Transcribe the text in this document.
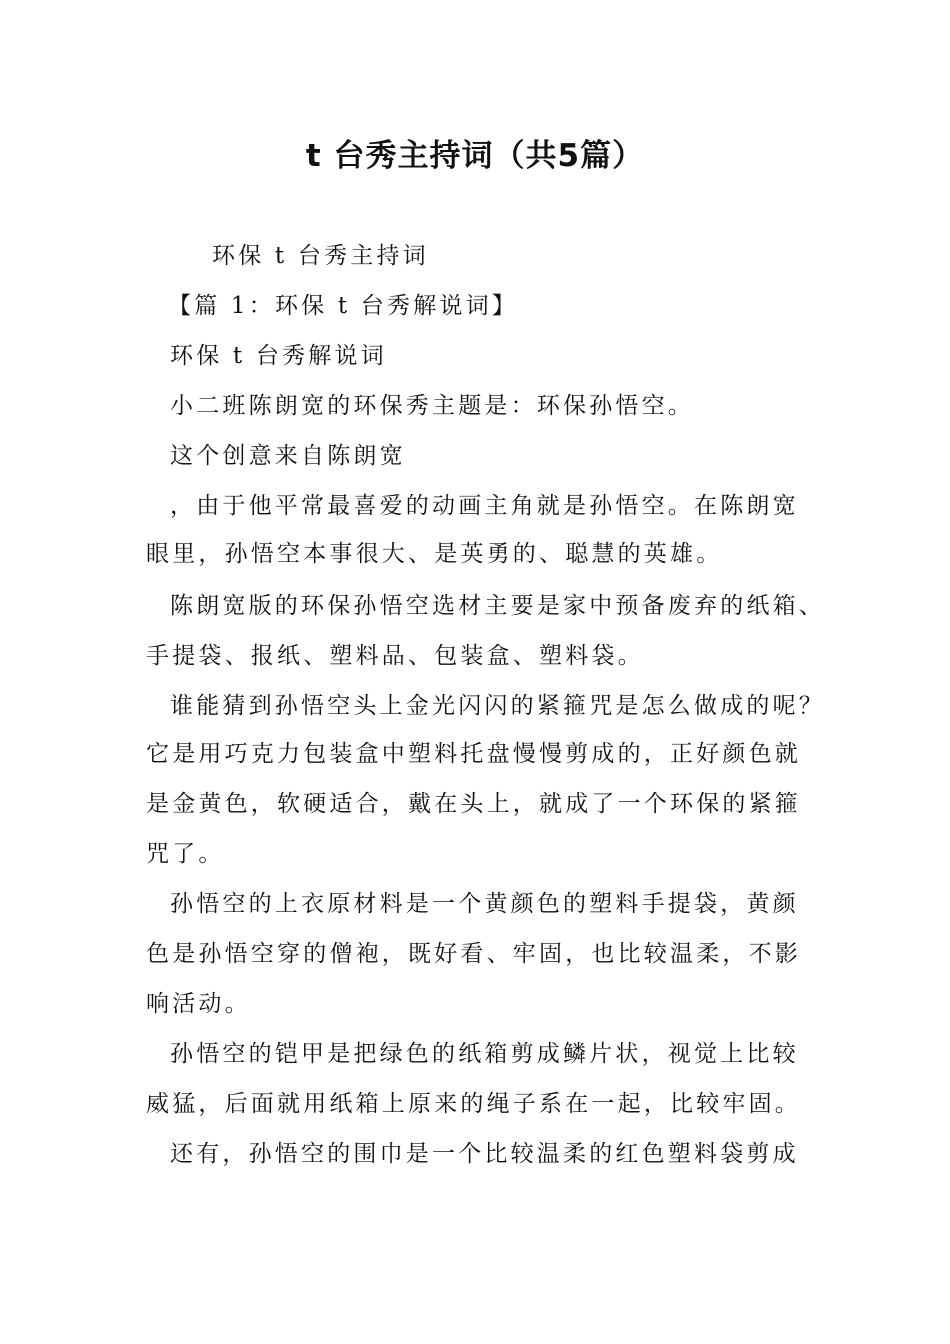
t 台秀主持词（共5篇）
环保 t 台秀主持词
【篇 1：环保 t 台秀解说词】
环保 t 台秀解说词
小二班陈朗宽的环保秀主题是：环保孙悟空。
这个创意来自陈朗宽
，由于他平常最喜爱的动画主角就是孙悟空。在陈朗宽
眼里，孙悟空本事很大、是英勇的、聪慧的英雄。
陈朗宽版的环保孙悟空选材主要是家中预备废弃的纸箱、
手提袋、报纸、塑料品、包装盒、塑料袋。
谁能猜到孙悟空头上金光闪闪的紧箍咒是怎么做成的呢？
它是用巧克力包装盒中塑料托盘慢慢剪成的，正好颜色就
是金黄色，软硬适合，戴在头上，就成了一个环保的紧箍
咒了。
孙悟空的上衣原材料是一个黄颜色的塑料手提袋，黄颜
色是孙悟空穿的僧袍，既好看、牢固，也比较温柔，不影
响活动。
孙悟空的铠甲是把绿色的纸箱剪成鳞片状，视觉上比较
威猛，后面就用纸箱上原来的绳子系在一起，比较牢固。
还有，孙悟空的围巾是一个比较温柔的红色塑料袋剪成
